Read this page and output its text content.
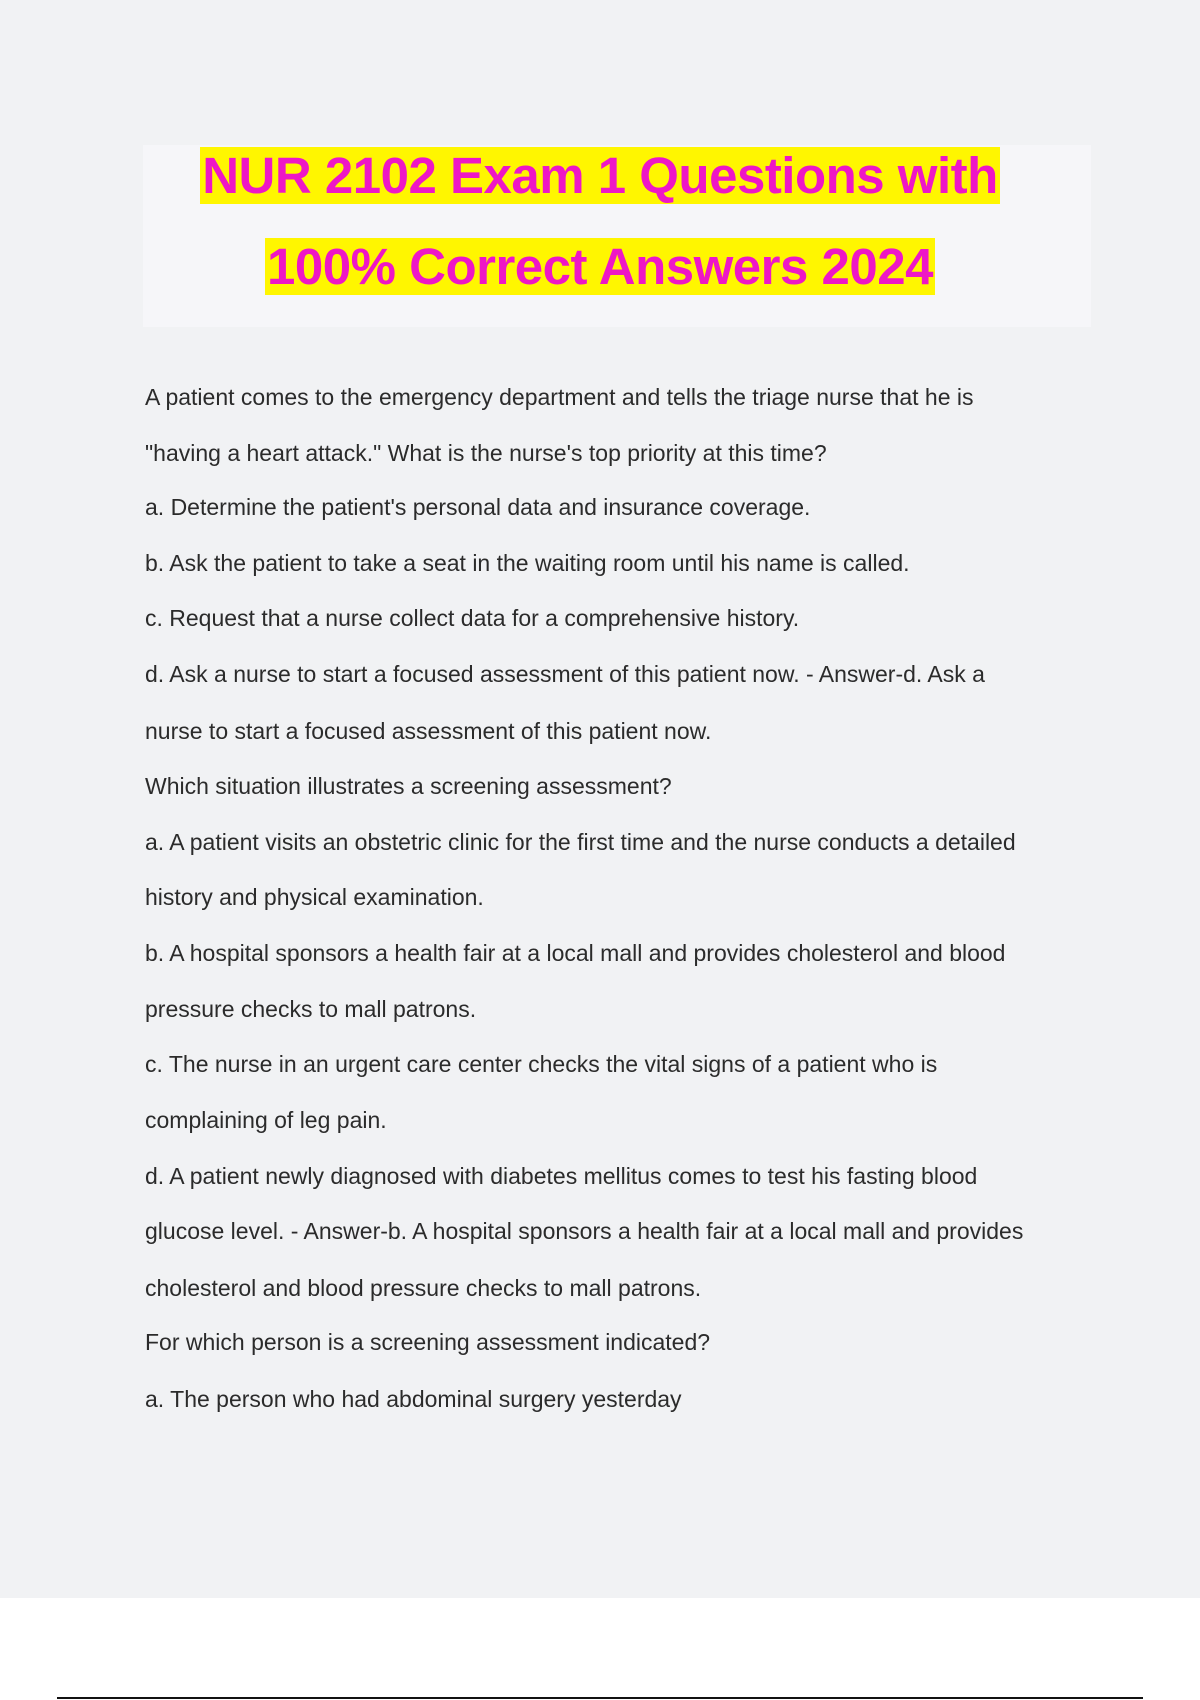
NUR 2102 Exam 1 Questions with
100% Correct Answers 2024
A patient comes to the emergency department and tells the triage nurse that he is
"having a heart attack." What is the nurse's top priority at this time?
a. Determine the patient's personal data and insurance coverage.
b. Ask the patient to take a seat in the waiting room until his name is called.
c. Request that a nurse collect data for a comprehensive history.
d. Ask a nurse to start a focused assessment of this patient now. - Answer-d. Ask a
nurse to start a focused assessment of this patient now.
Which situation illustrates a screening assessment?
a. A patient visits an obstetric clinic for the first time and the nurse conducts a detailed
history and physical examination.
b. A hospital sponsors a health fair at a local mall and provides cholesterol and blood
pressure checks to mall patrons.
c. The nurse in an urgent care center checks the vital signs of a patient who is
complaining of leg pain.
d. A patient newly diagnosed with diabetes mellitus comes to test his fasting blood
glucose level. - Answer-b. A hospital sponsors a health fair at a local mall and provides
cholesterol and blood pressure checks to mall patrons.
For which person is a screening assessment indicated?
a. The person who had abdominal surgery yesterday
